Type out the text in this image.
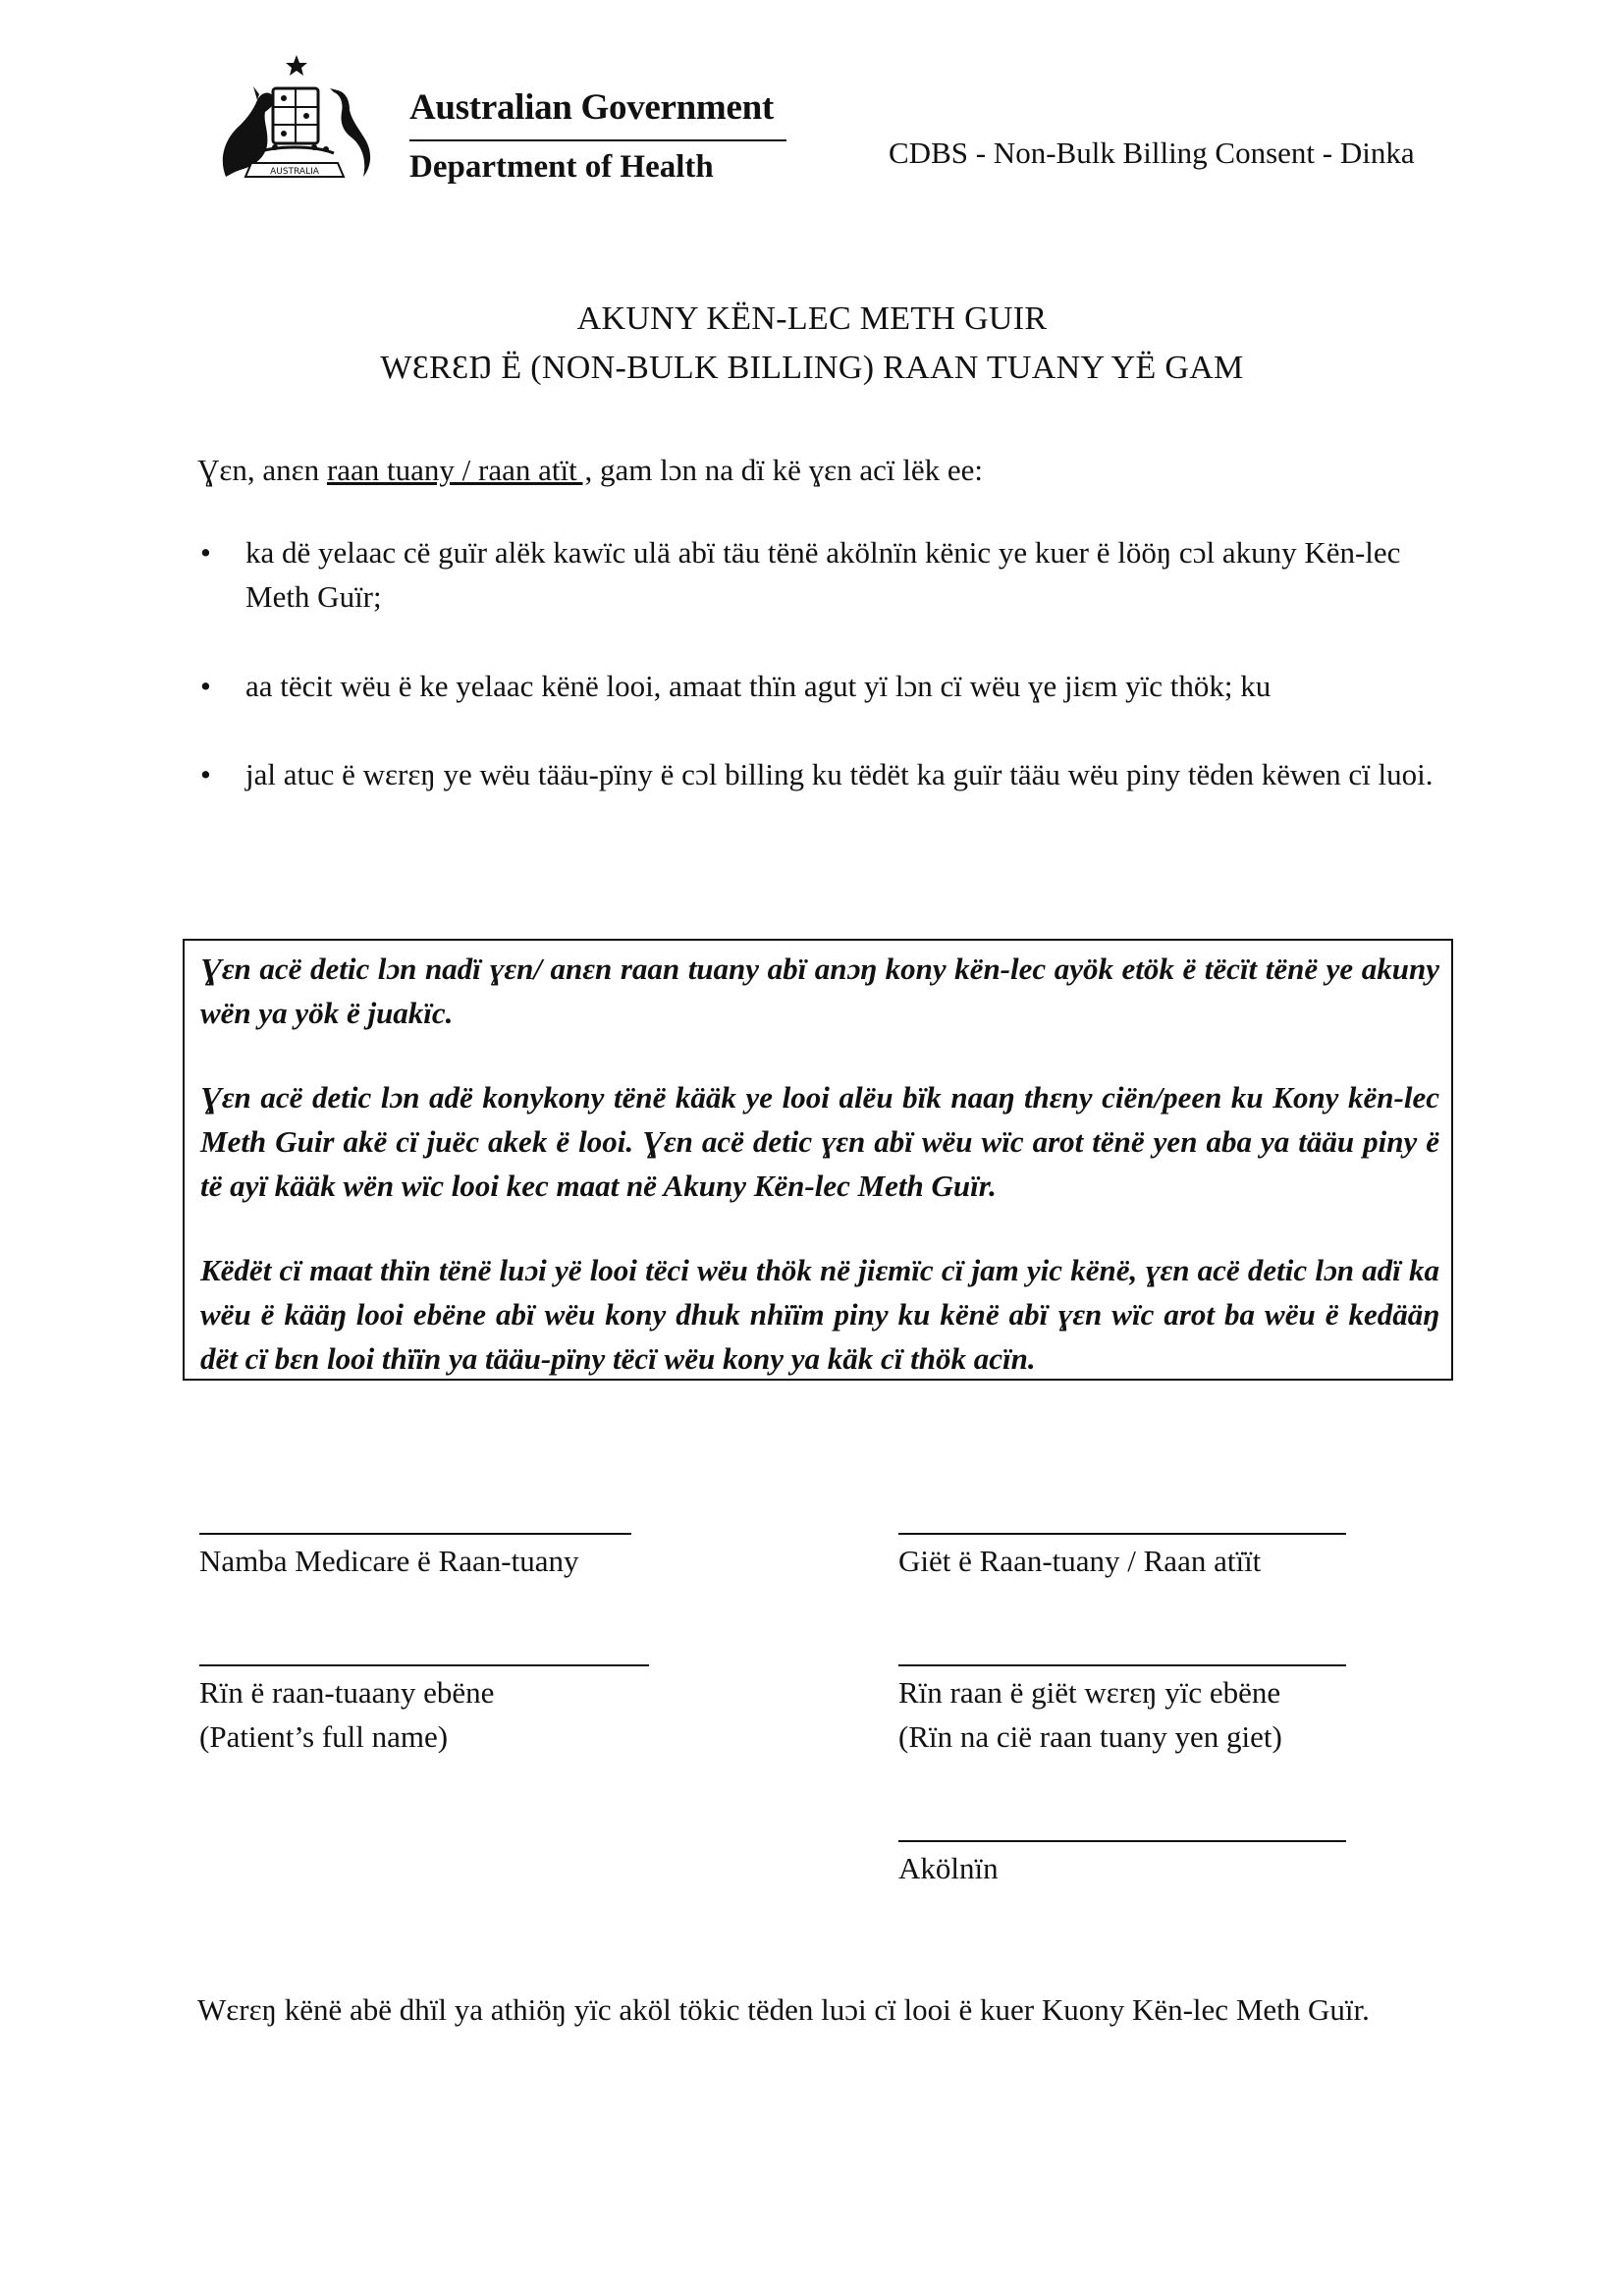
AUSTRALIA
Australian Government
Department of Health	CDBS - Non-Bulk Billing Consent - Dinka
AKUNY KËN-LEC METH GUIR
WƐRƐŊ Ë (NON-BULK BILLING) RAAN TUANY YË GAM
Ɣɛn, anɛn raan tuany / raan atït , gam lɔn na dï kë ɣɛn acï lëk ee:
• ka dë yelaac cë guïr alëk kawïc ulä abï täu tënë akölnïn kënic ye kuer ë lööŋ cɔl akuny Kën-lec Meth Guïr;
• aa tëcit wëu ë ke yelaac kënë looi, amaat thïn agut yï lɔn cï wëu ɣe jiɛm yïc thök; ku
• jal atuc ë wɛrɛŋ ye wëu tääu-pïny ë cɔl billing ku tëdët ka guïr tääu wëu piny tëden këwen cï luoi.
Ɣɛn acë detic lɔn nadï ɣɛn/ anɛn raan tuany abï anɔŋ kony kën-lec ayök etök ë tëcït tënë ye akuny wën ya yök ë juakïc.
Ɣɛn acë detic lɔn adë konykony tënë kääk ye looi alëu bïk naaŋ thɛny ciën/peen ku Kony kën-lec Meth Guir akë cï juëc akek ë looi. Ɣɛn acë detic ɣɛn abï wëu wïc arot tënë yen aba ya tääu piny ë të ayï kääk wën wïc looi kec maat në Akuny Kën-lec Meth Guïr.
Këdët cï maat thïn tënë luɔi yë looi tëci wëu thök në jiɛmïc cï jam yic kënë, ɣɛn acë detic lɔn adï ka wëu ë kääŋ looi ebëne abï wëu kony dhuk nhïïm piny ku kënë abï ɣɛn wïc arot ba wëu ë kedääŋ dët cï bɛn looi thïïn ya tääu-pïny tëcï wëu kony ya käk cï thök acïn.
Namba Medicare ë Raan-tuany	Giët ë Raan-tuany / Raan atïït
Rïn ë raan-tuaany ebëne
(Patient’s full name)
Rïn raan ë giët wɛrɛŋ yïc ebëne
(Rïn na cië raan tuany yen giet)
Akölnïn
Wɛrɛŋ kënë abë dhïl ya athiöŋ yïc aköl tökic tëden luɔi cï looi ë kuer Kuony Kën-lec Meth Guïr.
